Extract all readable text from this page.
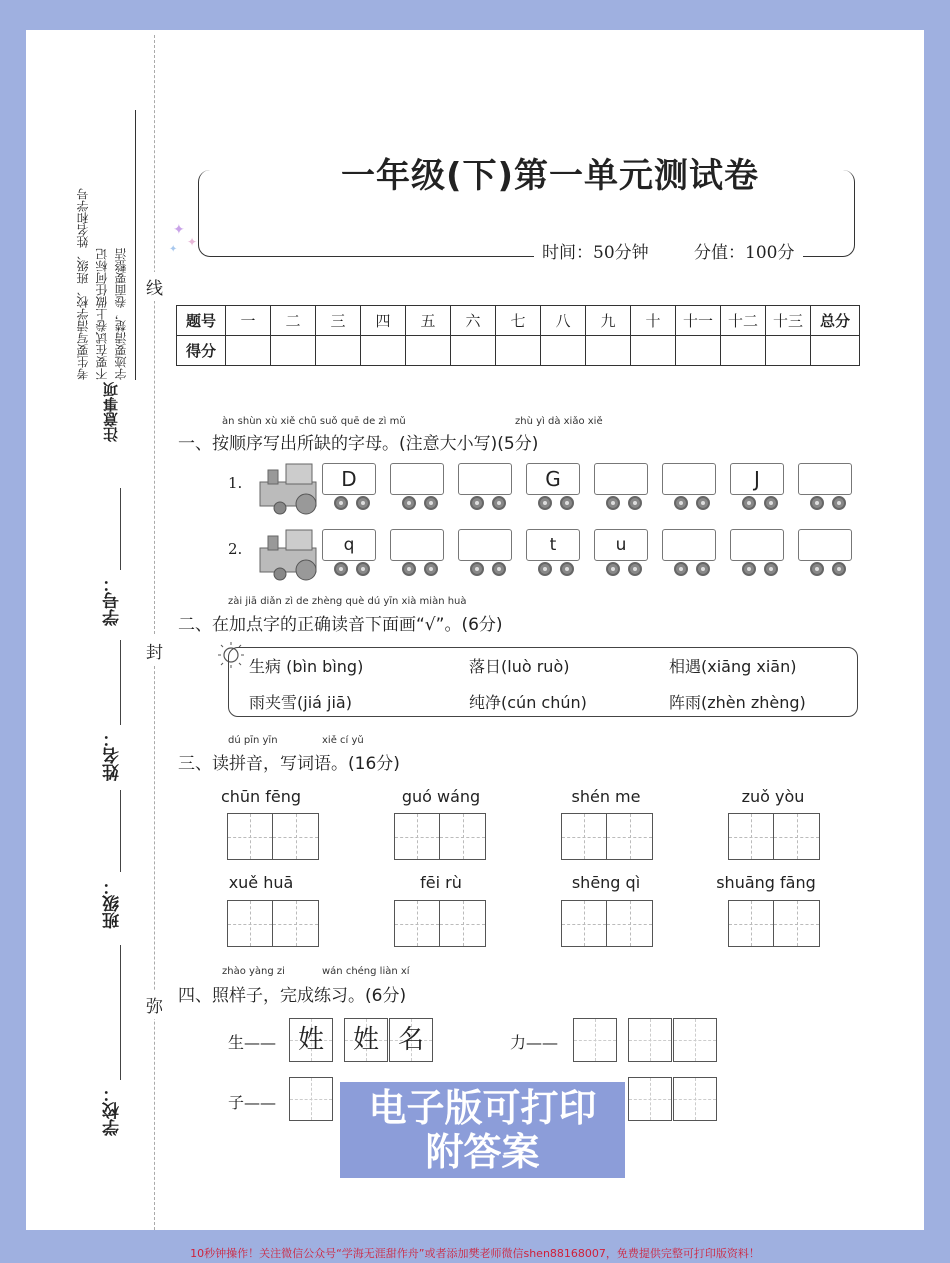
考生要写清学校、班级、姓名和学号 不要在试卷上做任何标记 字迹要清楚，卷面要整洁
注意事项
学号：
姓名：
班级：
学校：
线
封
弥
一年级(下)第一单元测试卷
时间：50分钟	分值：100分
✦
✦
✦
题号	一	二	三	四	五	六	七	八	九	十	十一	十二	十三	总分
得分														
àn shùn xù xiě chū suǒ quē de zì mǔ	zhù yì dà xiǎo xiě
一、按顺序写出所缺的字母。(注意大小写)(5分)
1.	D	G	J
2.	q	t	u
zài jiā diǎn zì de zhèng què dú yīn xià miàn huà
二、在加点字的正确读音下面画“√”。(6分)
生病 (bìn bìng)	落日(luò ruò)	相遇(xiāng xiān)
雨夹雪(jiá jiā)	纯净(cún chún)	阵雨(zhèn zhèng)
dú pīn yīn	xiě cí yǔ
三、读拼音，写词语。(16分)
chūn fēng	guó wáng	shén me	zuǒ yòu
xuě huā	fēi rù	shēng qì	shuāng fāng
zhào yàng zi	wán chéng liàn xí
四、照样子，完成练习。(6分)
生—— 姓	姓 名	力——
子——	电子版可打印
附答案
10秒钟操作！关注微信公众号“学海无涯甜作舟”或者添加樊老师微信shen88168007，免费提供完整可打印版资料！
